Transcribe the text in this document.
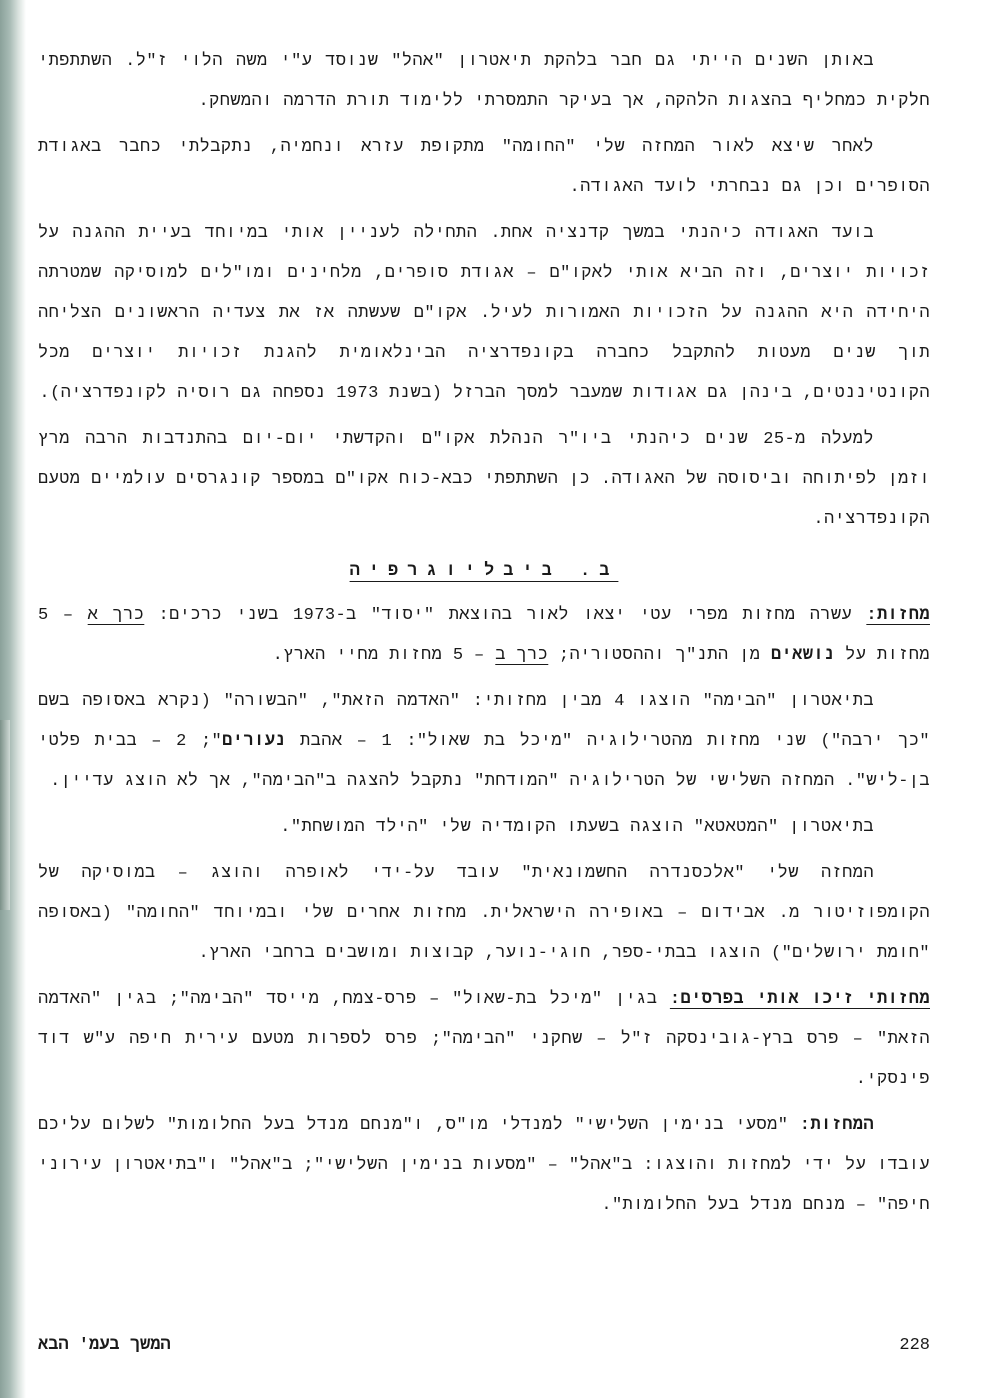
באותן השנים הייתי גם חבר בלהקת תיאטרון "אהל" שנוסד ע"י משה הלוי ז"ל. השתתפתי חלקית כמחליף בהצגות הלהקה, אך בעיקר התמסרתי ללימוד תורת הדרמה והמשחק.

לאחר שיצא לאור המחזה שלי "החומה" מתקופת עזרא ונחמיה, נתקבלתי כחבר באגודת הסופרים וכן גם נבחרתי לועד האגודה.

בועד האגודה כיהנתי במשך קדנציה אחת. התחילה לעניין אותי במיוחד בעיית ההגנה על זכויות יוצרים, וזה הביא אותי לאקו"ם – אגודת סופרים, מלחינים ומו"לים למוסיקה שמטרתה היחידה היא ההגנה על הזכויות האמורות לעיל. אקו"ם שעשתה אז את צעדיה הראשונים הצליחה תוך שנים מעטות להתקבל כחברה בקונפדרציה הבינלאומית להגנת זכויות יוצרים מכל הקונטיננטים, בינהן גם אגודות שמעבר למסך הברזל (בשנת 1973 נספחה גם רוסיה לקונפדרציה).

למעלה מ-25 שנים כיהנתי ביו"ר הנהלת אקו"ם והקדשתי יום-יום בהתנדבות הרבה מרץ וזמן לפיתוחה וביסוסה של האגודה. כן השתתפתי כבא-כוח אקו"ם במספר קונגרסים עולמיים מטעם הקונפדרציה.

ב. ביבליוגרפיה

מחזות: עשרה מחזות מפרי עטי יצאו לאור בהוצאת "יסוד" ב-1973 בשני כרכים: כרך א – 5 מחזות על נושאים מן התנ"ך וההסטוריה; כרך ב – 5 מחזות מחיי הארץ.

בתיאטרון "הבימה" הוצגו 4 מבין מחזותי: "האדמה הזאת", "הבשורה" (נקרא באסופה בשם "כך ירבה") שני מחזות מהטרילוגיה "מיכל בת שאול": 1 – אהבת נעורים"; 2 – בבית פלטי בן-ליש". המחזה השלישי של הטרילוגיה "המודחת" נתקבל להצגה ב"הבימה", אך לא הוצג עדיין.

בתיאטרון "המטאטא" הוצגה בשעתו הקומדיה שלי "הילד המושחת".

המחזה שלי "אלכסנדרה החשמונאית" עובד על-ידי לאופרה והוצג – במוסיקה של הקומפוזיטור מ. אבידום – באופירה הישראלית. מחזות אחרים שלי ובמיוחד "החומה" (באסופה "חומת ירושלים") הוצגו בבתי-ספר, חוגי-נוער, קבוצות ומושבים ברחבי הארץ.

מחזותי זיכו אותי בפרסים: בגין "מיכל בת-שאול" – פרס-צמח, מייסד "הבימה"; בגין "האדמה הזאת" – פרס ברץ-גובינסקה ז"ל – שחקני "הבימה"; פרס לספרות מטעם עירית חיפה ע"ש דוד פינסקי.

המחזות: "מסעי בנימין השלישי" למנדלי מו"ס, ו"מנחם מנדל בעל החלומות" לשלום עליכם עובדו על ידי למחזות והוצגו: ב"אהל" – "מסעות בנימין השלישי"; ב"אהל" ו"בתיאטרון עירוני חיפה" – מנחם מנדל בעל החלומות".

228
המשך בעמ' הבא
